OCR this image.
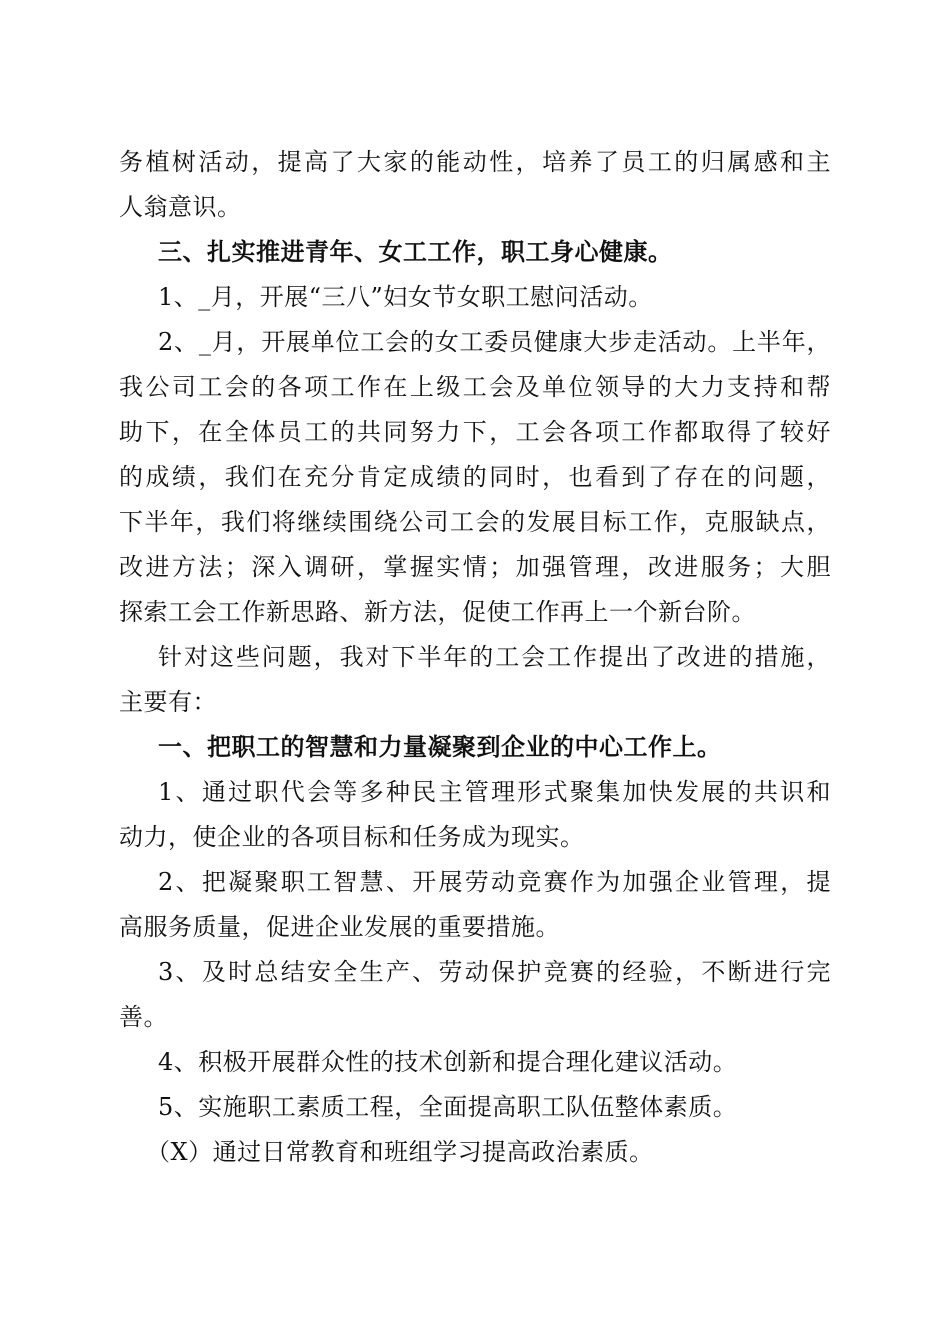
务植树活动，提高了大家的能动性，培养了员工的归属感和主
人翁意识。
三、扎实推进青年、女工工作，职工身心健康。
1、_月，开展“三八”妇女节女职工慰问活动。
2、_月，开展单位工会的女工委员健康大步走活动。上半年，
我公司工会的各项工作在上级工会及单位领导的大力支持和帮
助下，在全体员工的共同努力下，工会各项工作都取得了较好
的成绩，我们在充分肯定成绩的同时，也看到了存在的问题，
下半年，我们将继续围绕公司工会的发展目标工作，克服缺点，
改进方法；深入调研，掌握实情；加强管理，改进服务；大胆
探索工会工作新思路、新方法，促使工作再上一个新台阶。
针对这些问题，我对下半年的工会工作提出了改进的措施，
主要有：
一、把职工的智慧和力量凝聚到企业的中心工作上。
1、通过职代会等多种民主管理形式聚集加快发展的共识和
动力，使企业的各项目标和任务成为现实。
2、把凝聚职工智慧、开展劳动竞赛作为加强企业管理，提
高服务质量，促进企业发展的重要措施。
3、及时总结安全生产、劳动保护竞赛的经验，不断进行完
善。
4、积极开展群众性的技术创新和提合理化建议活动。
5、实施职工素质工程，全面提高职工队伍整体素质。
（X）通过日常教育和班组学习提高政治素质。
